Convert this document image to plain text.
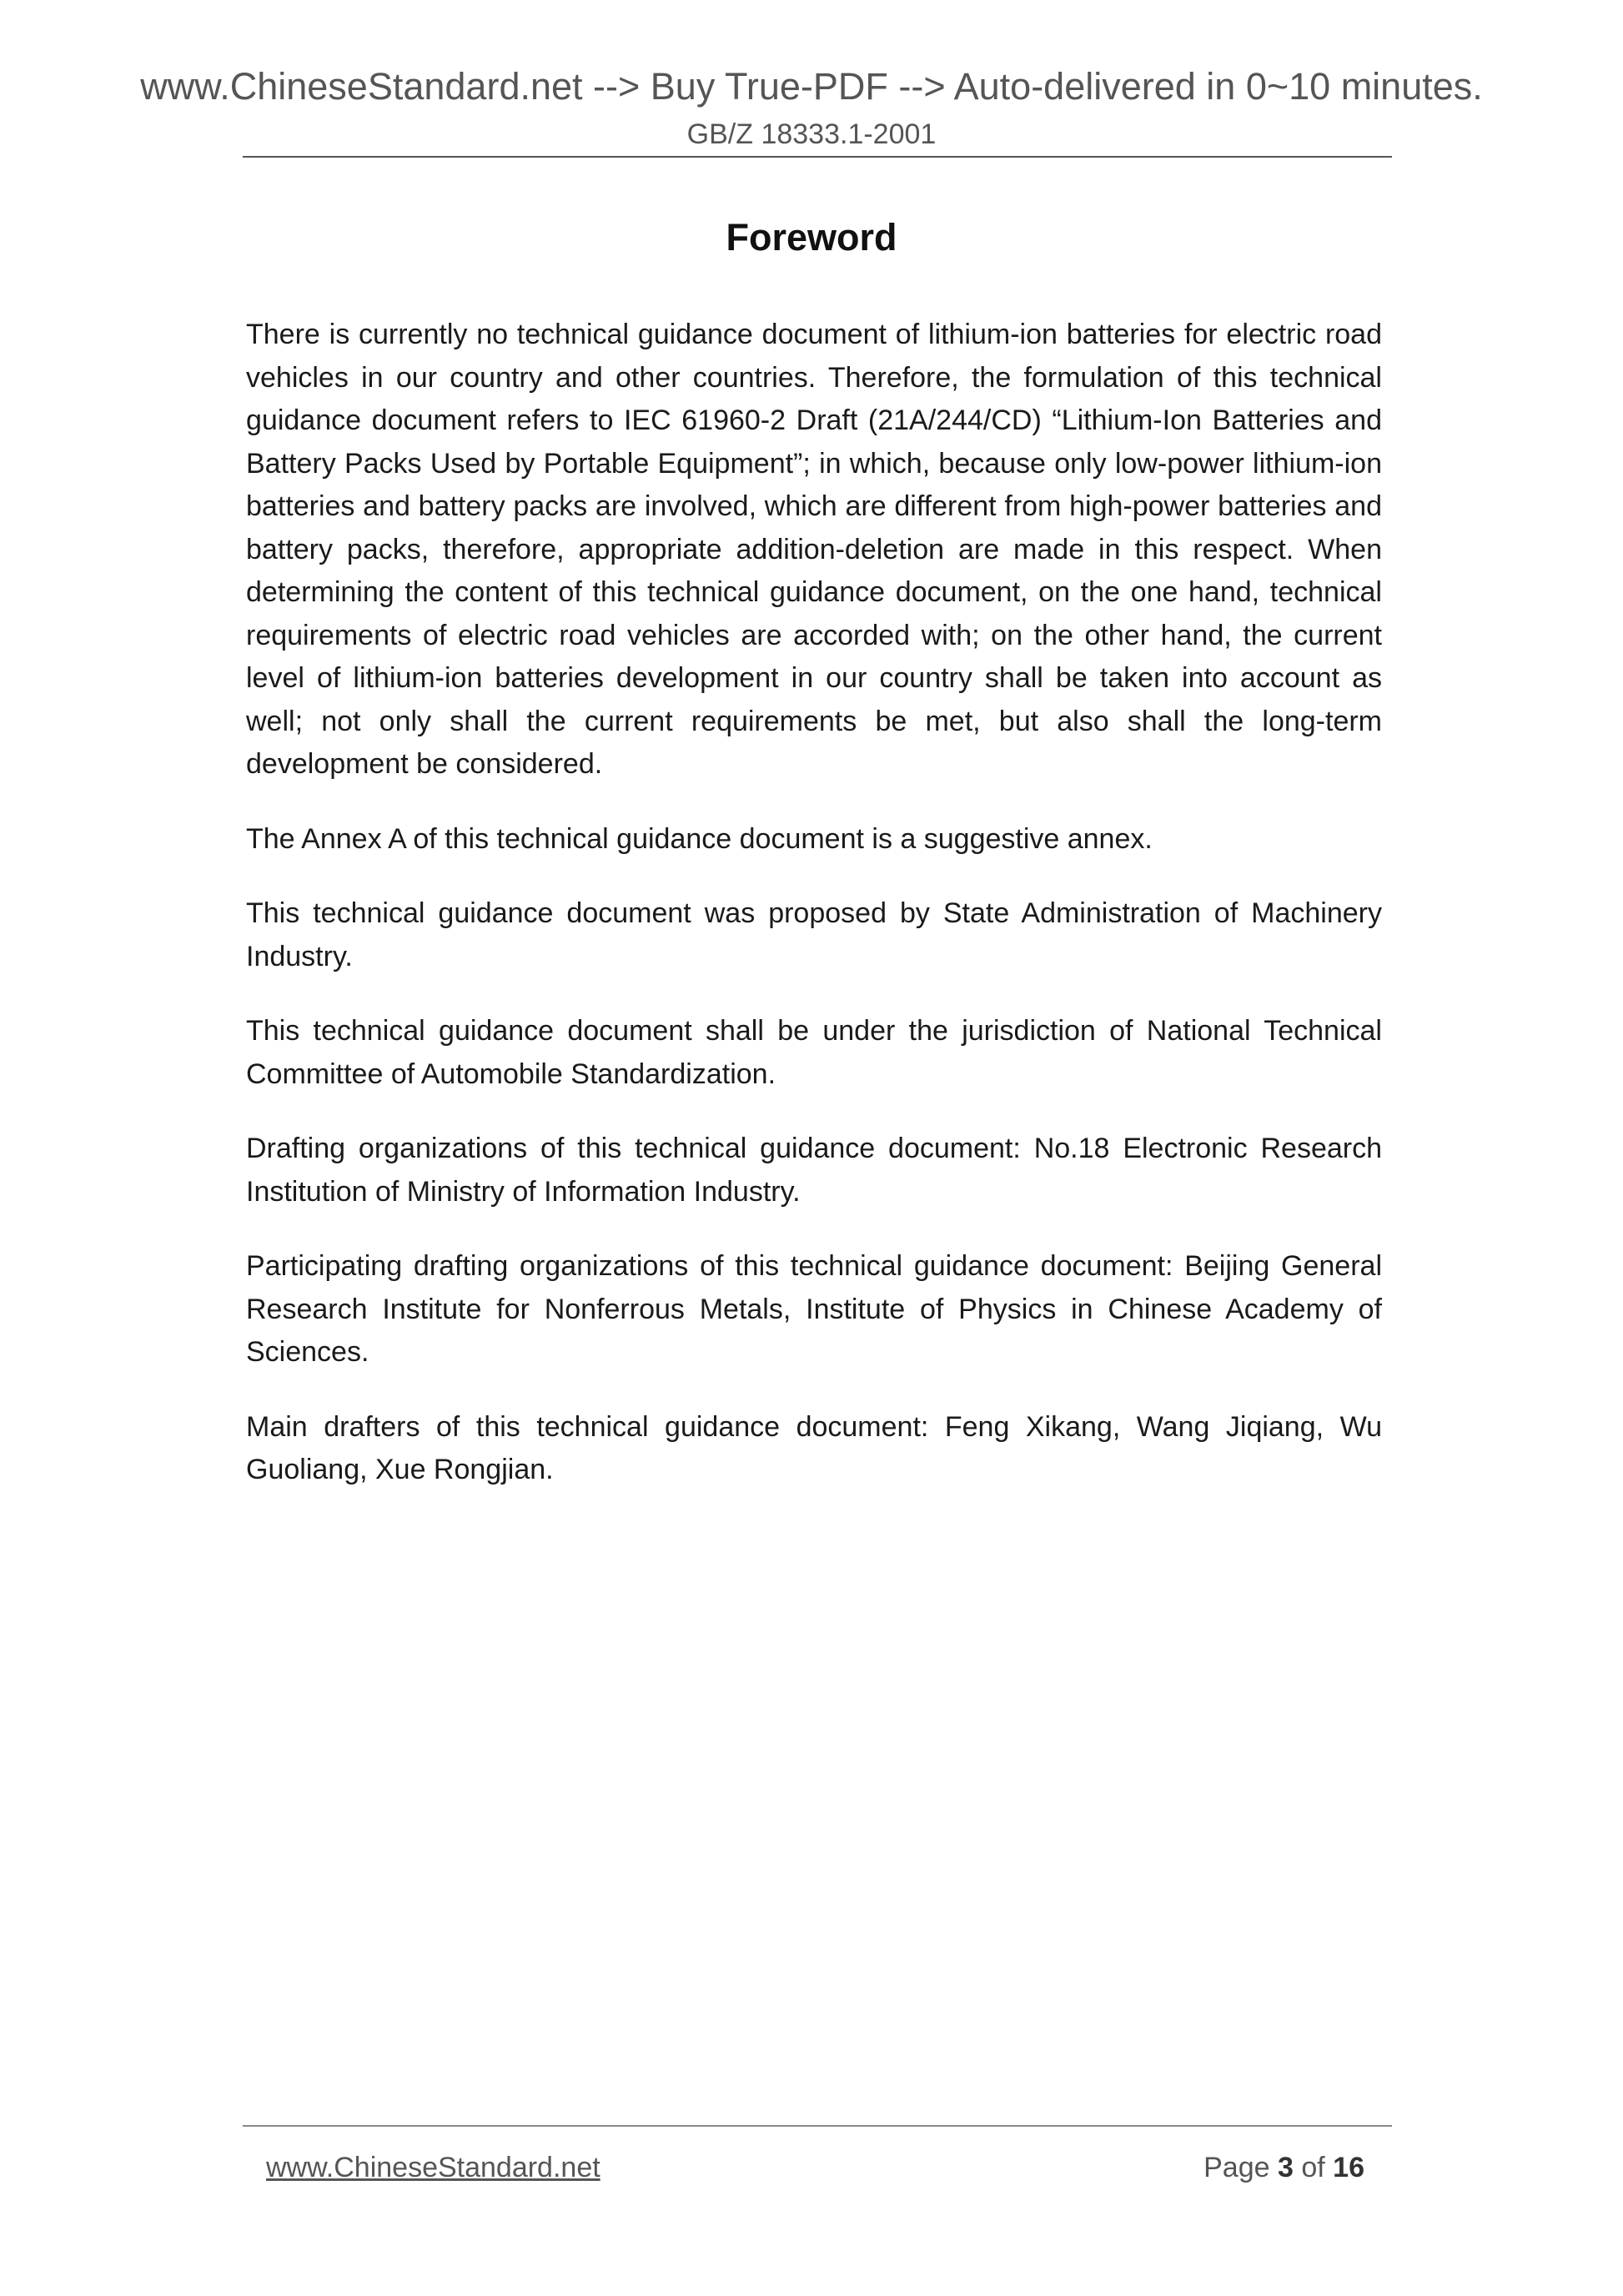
www.ChineseStandard.net --> Buy True-PDF --> Auto-delivered in 0~10 minutes.
GB/Z 18333.1-2001
Foreword

There is currently no technical guidance document of lithium-ion batteries for electric road vehicles in our country and other countries. Therefore, the formulation of this technical guidance document refers to IEC 61960-2 Draft (21A/244/CD) “Lithium-Ion Batteries and Battery Packs Used by Portable Equipment”; in which, because only low-power lithium-ion batteries and battery packs are involved, which are different from high-power batteries and battery packs, therefore, appropriate addition-deletion are made in this respect. When determining the content of this technical guidance document, on the one hand, technical requirements of electric road vehicles are accorded with; on the other hand, the current level of lithium-ion batteries development in our country shall be taken into account as well; not only shall the current requirements be met, but also shall the long-term development be considered.

The Annex A of this technical guidance document is a suggestive annex.

This technical guidance document was proposed by State Administration of Machinery Industry.

This technical guidance document shall be under the jurisdiction of National Technical Committee of Automobile Standardization.

Drafting organizations of this technical guidance document: No.18 Electronic Research Institution of Ministry of Information Industry.

Participating drafting organizations of this technical guidance document: Beijing General Research Institute for Nonferrous Metals, Institute of Physics in Chinese Academy of Sciences.

Main drafters of this technical guidance document: Feng Xikang, Wang Jiqiang, Wu Guoliang, Xue Rongjian.

www.ChineseStandard.net	Page 3 of 16
